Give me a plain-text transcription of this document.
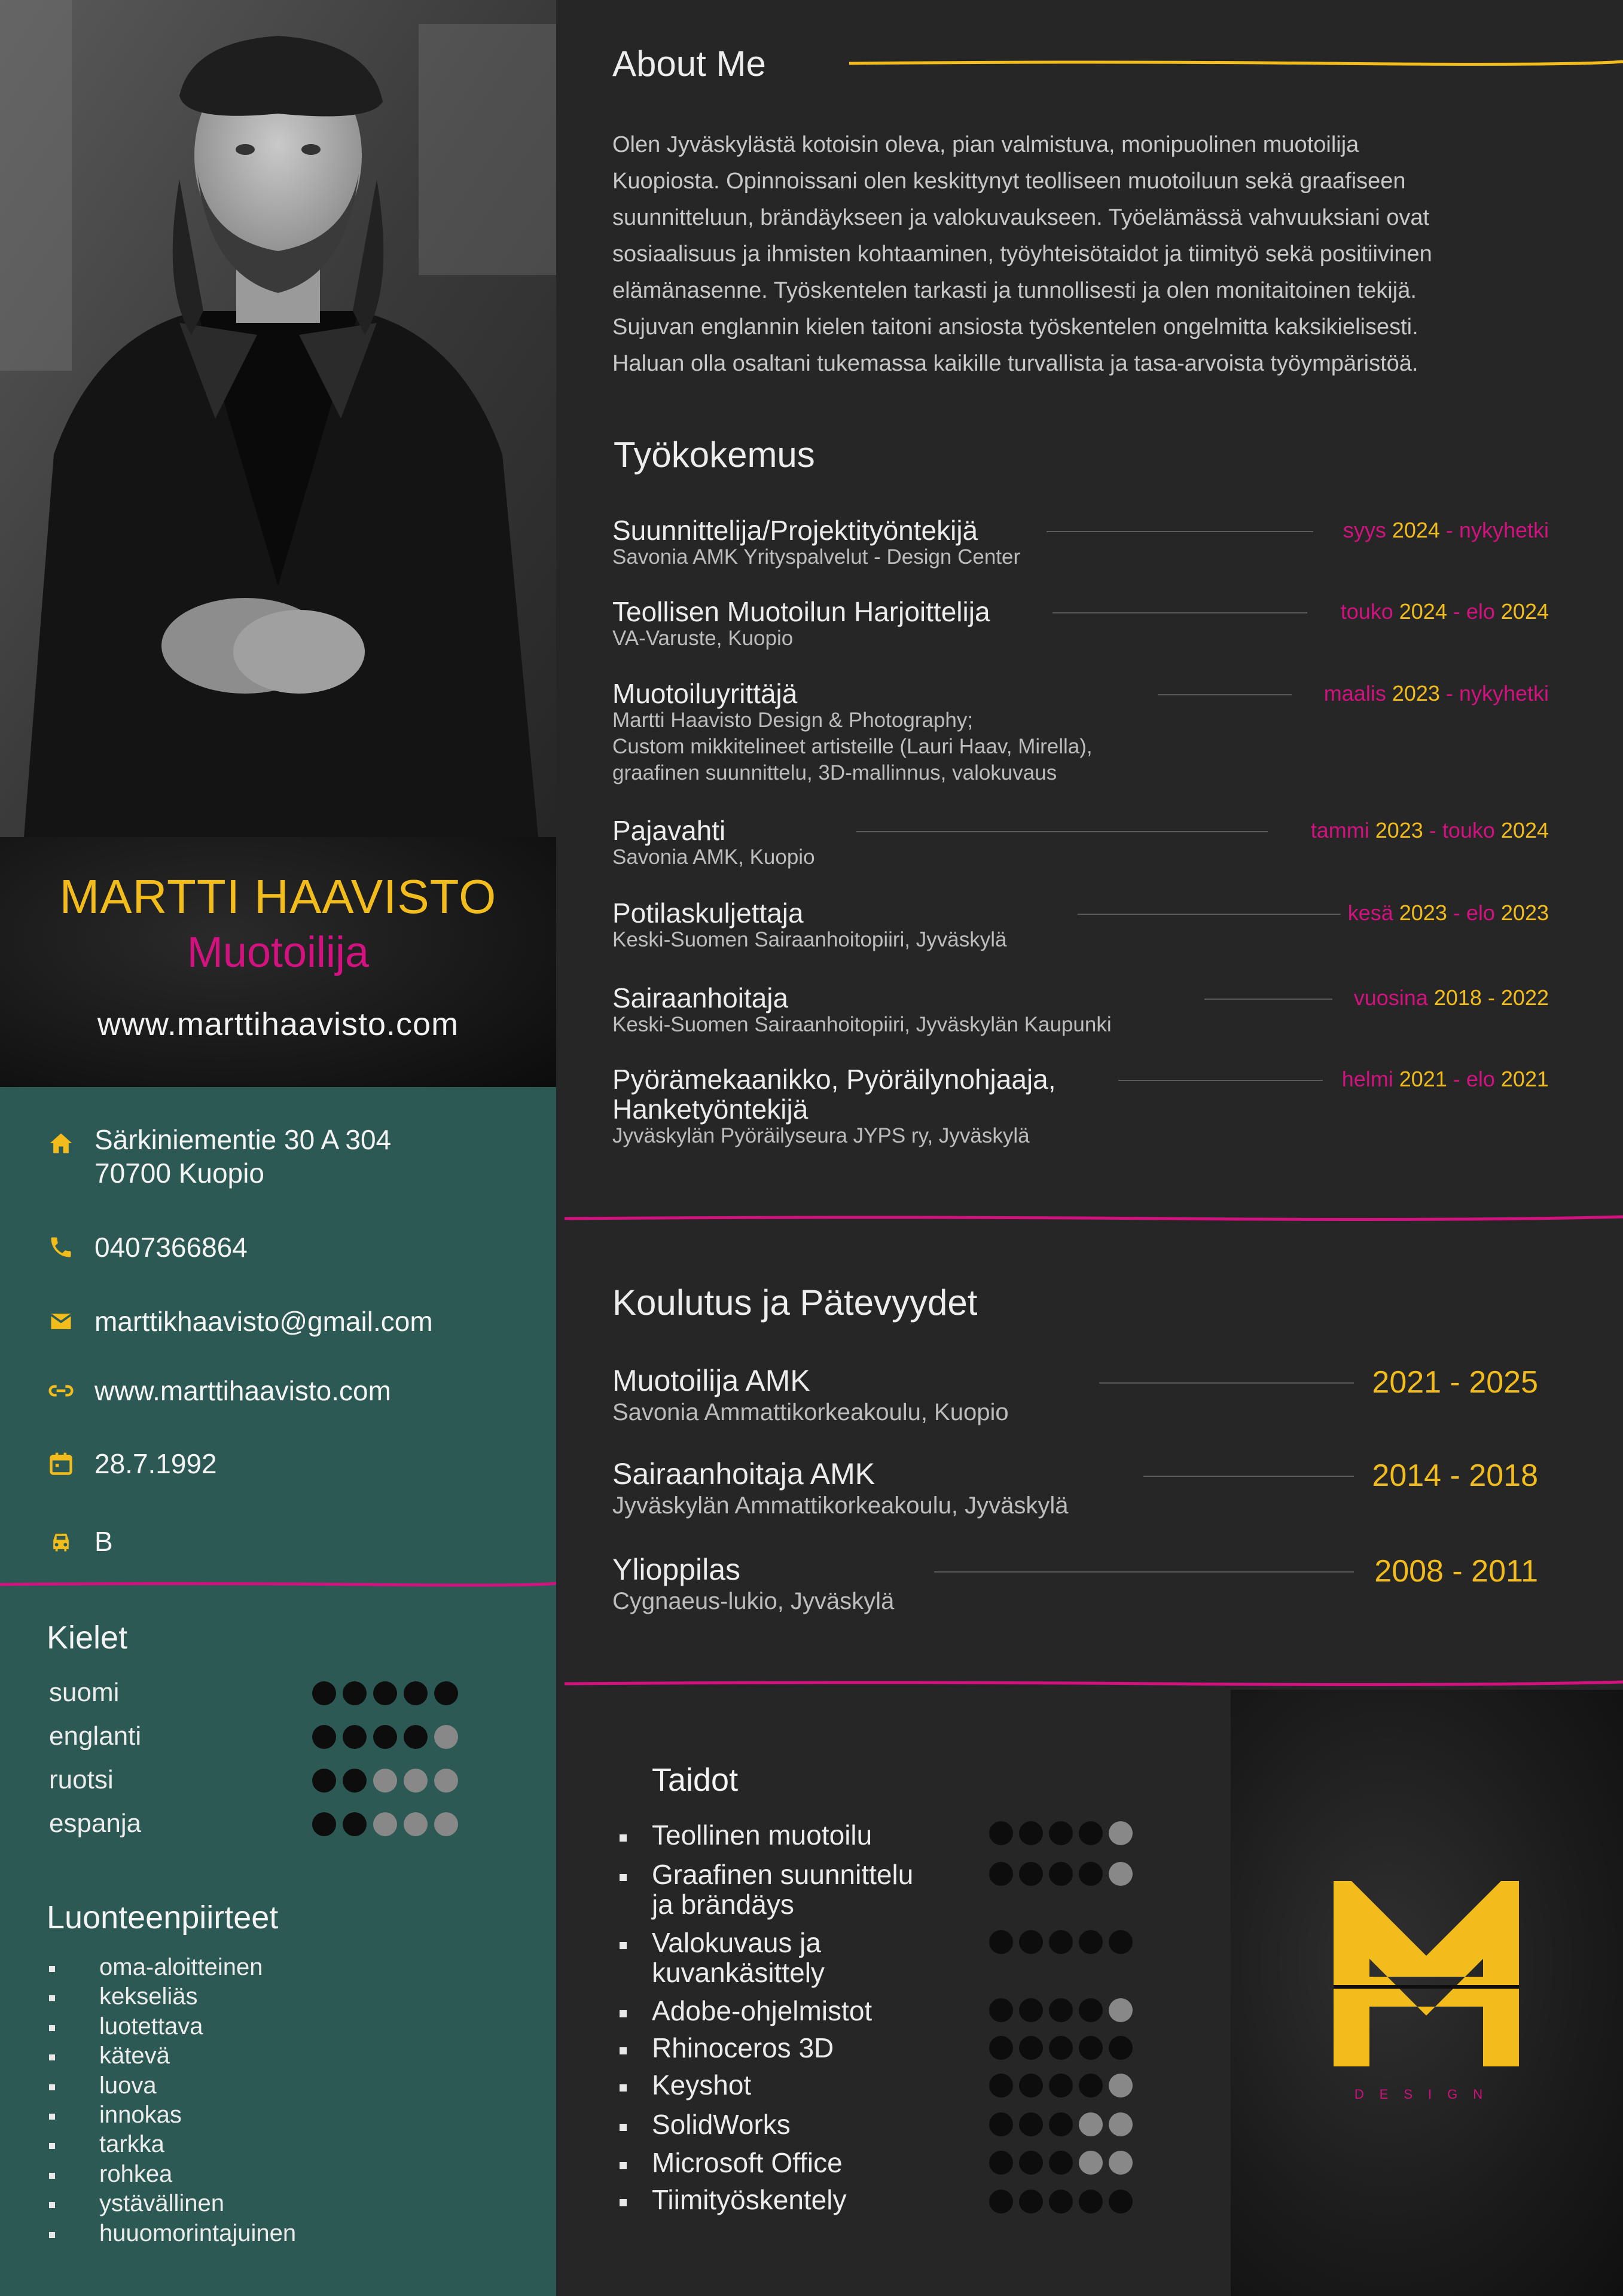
MARTTI HAAVISTO
Muotoilija
www.marttihaavisto.com
Särkiniementie 30 A 304
70700 Kuopio
0407366864
marttikhaavisto@gmail.com
www.marttihaavisto.com
28.7.1992
B
Kielet
suomi
englanti
ruotsi
espanja
Luonteenpiirteet
oma-aloitteinen
kekseliäs
luotettava
kätevä
luova
innokas
tarkka
rohkea
ystävällinen
huuomorintajuinen
About Me
Olen Jyväskylästä kotoisin oleva, pian valmistuva, monipuolinen muotoilija
Kuopiosta. Opinnoissani olen keskittynyt teolliseen muotoiluun sekä graafiseen
suunnitteluun, brändäykseen ja valokuvaukseen. Työelämässä vahvuuksiani ovat
sosiaalisuus ja ihmisten kohtaaminen, työyhteisötaidot ja tiimityö sekä positiivinen
elämänasenne. Työskentelen tarkasti ja tunnollisesti ja olen monitaitoinen tekijä.
Sujuvan englannin kielen taitoni ansiosta työskentelen ongelmitta kaksikielisesti.
Haluan olla osaltani tukemassa kaikille turvallista ja tasa-arvoista työympäristöä.
Työkokemus
Suunnittelija/Projektityöntekijä
Savonia AMK Yrityspalvelut - Design Center
syys 2024 - nykyhetki
Teollisen Muotoilun Harjoittelija
VA-Varuste, Kuopio
touko 2024 - elo 2024
Muotoiluyrittäjä
Martti Haavisto Design & Photography;
Custom mikkitelineet artisteille (Lauri Haav, Mirella),
graafinen suunnittelu, 3D-mallinnus, valokuvaus
maalis 2023 - nykyhetki
Pajavahti
Savonia AMK, Kuopio
tammi 2023 - touko 2024
Potilaskuljettaja
Keski-Suomen Sairaanhoitopiiri, Jyväskylä
kesä 2023 - elo 2023
Sairaanhoitaja
Keski-Suomen Sairaanhoitopiiri, Jyväskylän Kaupunki
vuosina 2018 - 2022
Pyörämekaanikko, Pyöräilynohjaaja,
Hanketyöntekijä
Jyväskylän Pyöräilyseura JYPS ry, Jyväskylä
helmi 2021 - elo 2021
Koulutus ja Pätevyydet
Muotoilija AMK
Savonia Ammattikorkeakoulu, Kuopio
2021 - 2025
Sairaanhoitaja AMK
Jyväskylän Ammattikorkeakoulu, Jyväskylä
2014 - 2018
Ylioppilas
Cygnaeus-lukio, Jyväskylä
2008 - 2011
Taidot
Teollinen muotoilu
Graafinen suunnittelu
ja brändäys
Valokuvaus ja
kuvankäsittely
Adobe-ohjelmistot
Rhinoceros 3D
Keyshot
SolidWorks
Microsoft Office
Tiimityöskentely
DESIGN
